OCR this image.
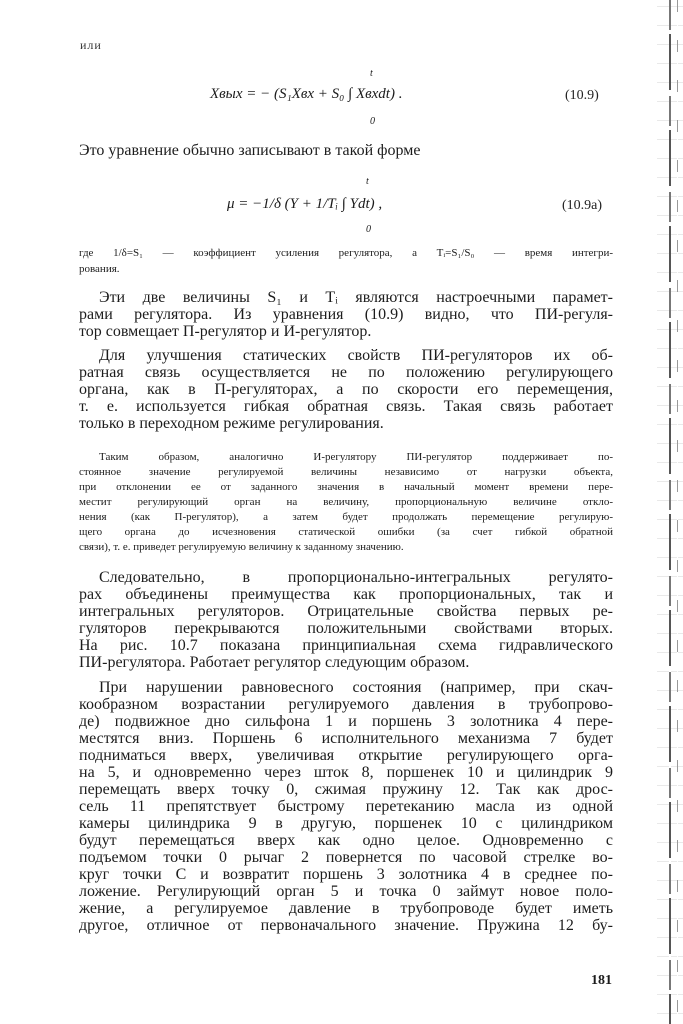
или
Xвых = − (S₁Xвх + S₀ ∫ Xвхdt) .
t
0
(10.9)
Это уравнение обычно записывают в такой форме
μ = −1/δ (Y + 1/Tᵢ ∫ Ydt) ,
t
0
(10.9а)

где 1/δ=S₁ — коэффициент усиления регулятора, а Tᵢ=S₁/S₀ — время интегри-

рования.

Эти две величины S₁ и Tᵢ являются настроечными парамет-

рами регулятора. Из уравнения (10.9) видно, что ПИ-регуля-

тор совмещает П-регулятор и И-регулятор.

Для улучшения статических свойств ПИ-регуляторов их об-

ратная связь осуществляется не по положению регулирующего

органа, как в П-регуляторах, а по скорости его перемещения,

т. е. используется гибкая обратная связь. Такая связь работает

только в переходном режиме регулирования.

Таким образом, аналогично И-регулятору ПИ-регулятор поддерживает по-

стоянное значение регулируемой величины независимо от нагрузки объекта,

при отклонении ее от заданного значения в начальный момент времени пере-

местит регулирующий орган на величину, пропорциональную величине откло-

нения (как П-регулятор), а затем будет продолжать перемещение регулирую-

щего органа до исчезновения статической ошибки (за счет гибкой обратной

связи), т. е. приведет регулируемую величину к заданному значению.

Следовательно, в пропорционально-интегральных регулято-

рах объединены преимущества как пропорциональных, так и

интегральных регуляторов. Отрицательные свойства первых ре-

гуляторов перекрываются положительными свойствами вторых.

На рис. 10.7 показана принципиальная схема гидравлического

ПИ-регулятора. Работает регулятор следующим образом.

При нарушении равновесного состояния (например, при скач-

кообразном возрастании регулируемого давления в трубопрово-

де) подвижное дно сильфона 1 и поршень 3 золотника 4 пере-

местятся вниз. Поршень 6 исполнительного механизма 7 будет

подниматься вверх, увеличивая открытие регулирующего орга-

на 5, и одновременно через шток 8, поршенек 10 и цилиндрик 9

перемещать вверх точку 0, сжимая пружину 12. Так как дрос-

сель 11 препятствует быстрому перетеканию масла из одной

камеры цилиндрика 9 в другую, поршенек 10 с цилиндриком

будут перемещаться вверх как одно целое. Одновременно с

подъемом точки 0 рычаг 2 повернется по часовой стрелке во-

круг точки С и возвратит поршень 3 золотника 4 в среднее по-

ложение. Регулирующий орган 5 и точка 0 займут новое поло-

жение, а регулируемое давление в трубопроводе будет иметь

другое, отличное от первоначального значение. Пружина 12 бу-

181
